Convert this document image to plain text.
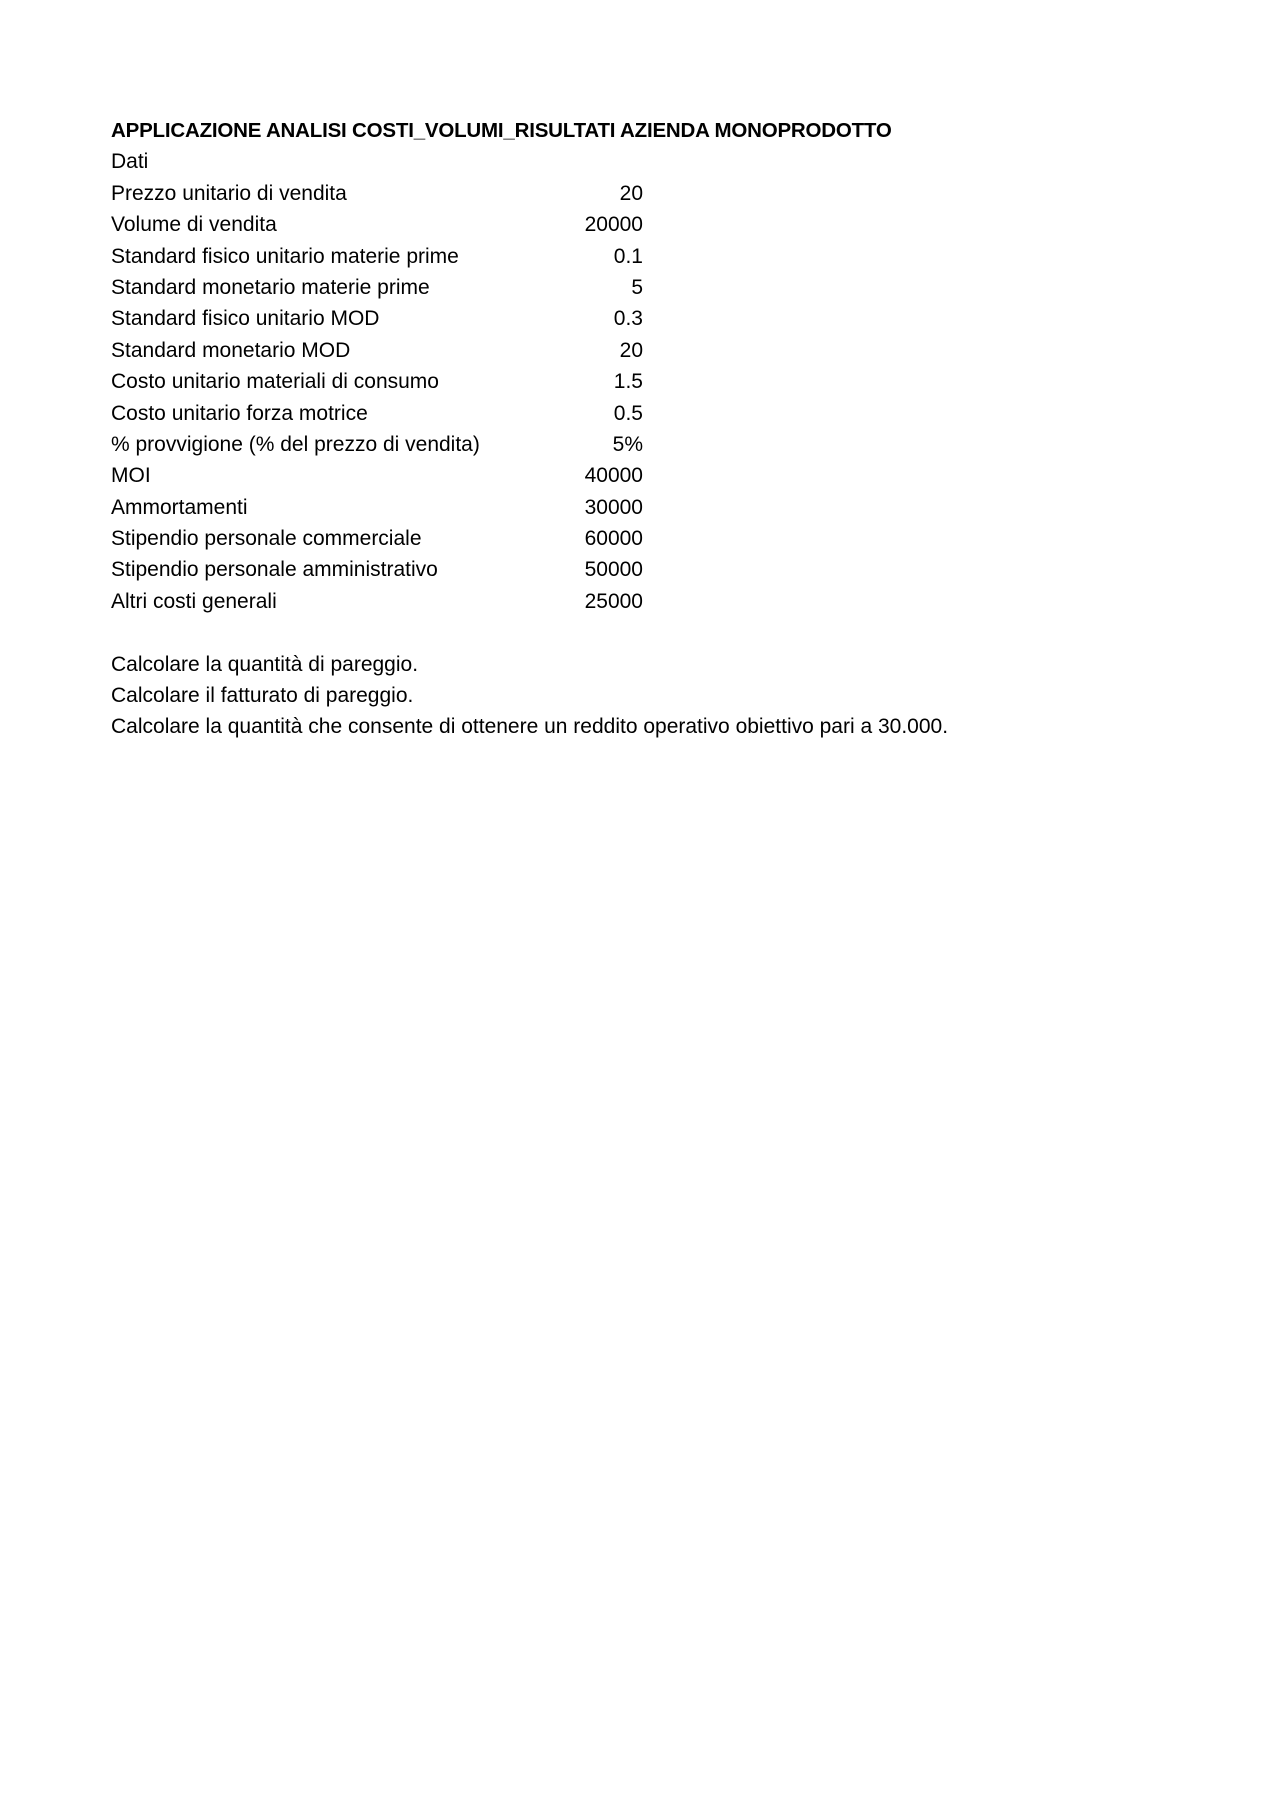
APPLICAZIONE ANALISI COSTI_VOLUMI_RISULTATI AZIENDA MONOPRODOTTO
Dati
Prezzo unitario di vendita	20
Volume di vendita	20000
Standard fisico unitario materie prime	0.1
Standard monetario materie prime	5
Standard fisico unitario MOD	0.3
Standard monetario MOD	20
Costo unitario materiali di consumo	1.5
Costo unitario forza motrice	0.5
% provvigione (% del prezzo di vendita)	5%
MOI	40000
Ammortamenti	30000
Stipendio personale commerciale	60000
Stipendio personale amministrativo	50000
Altri costi generali	25000
Calcolare la quantità di pareggio.
Calcolare il fatturato di pareggio.
Calcolare la quantità che consente di ottenere un reddito operativo obiettivo pari a 30.000.
